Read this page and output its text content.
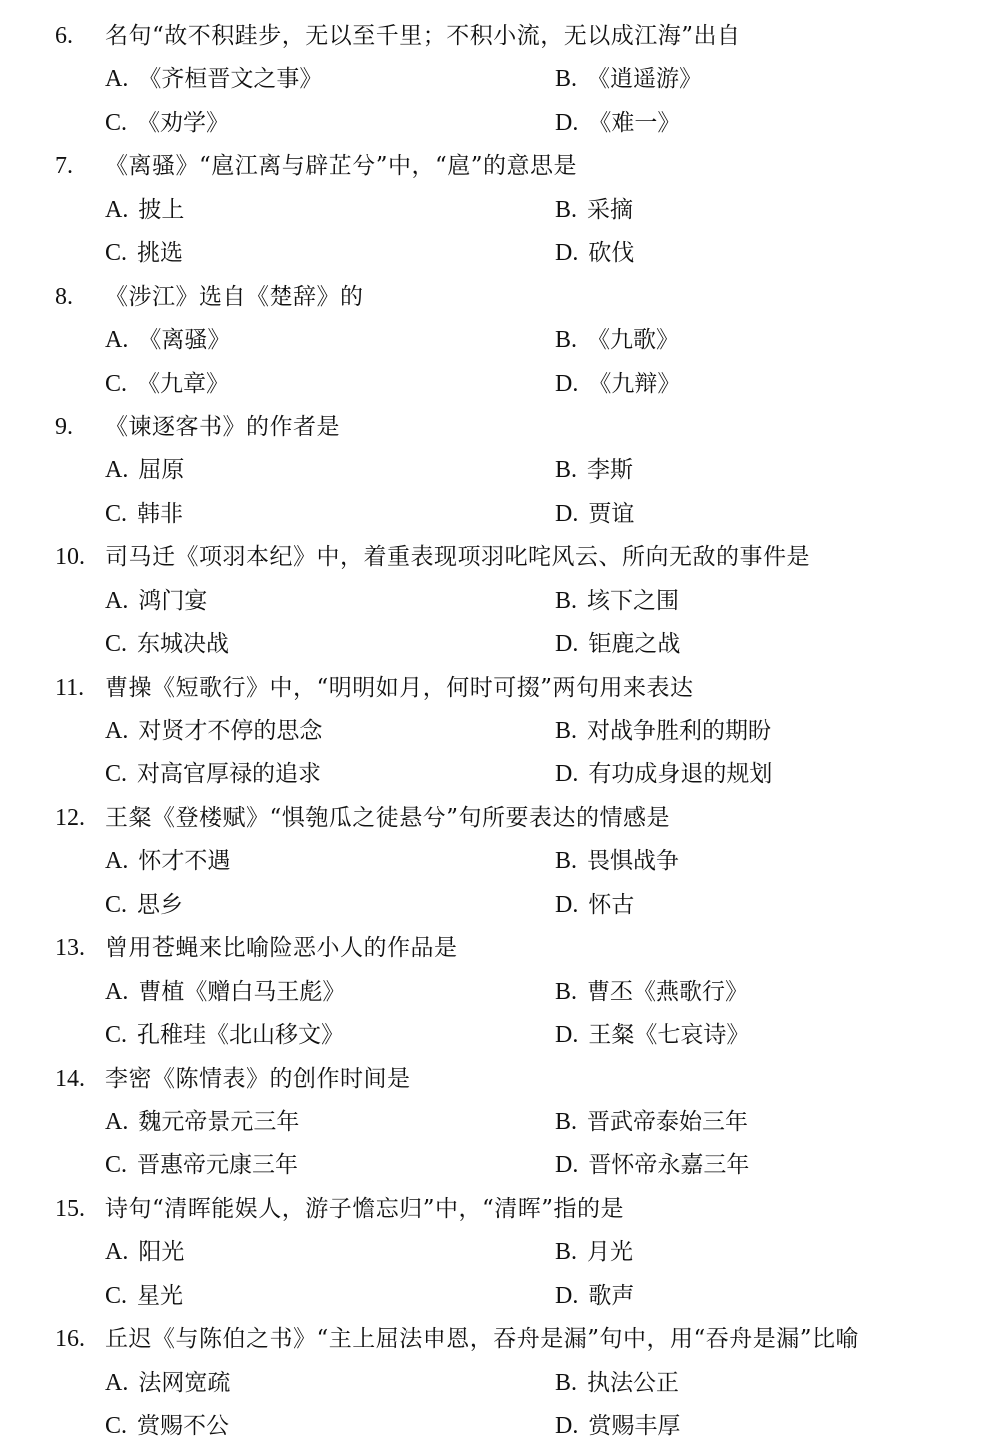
6. 名句“故不积跬步，无以至千里；不积小流，无以成江海”出自
A. 《齐桓晋文之事》	B. 《逍遥游》
C. 《劝学》	D. 《难一》
7. 《离骚》“扈江离与辟芷兮”中，“扈”的意思是
A. 披上	B. 采摘
C. 挑选	D. 砍伐
8. 《涉江》选自《楚辞》的
A. 《离骚》	B. 《九歌》
C. 《九章》	D. 《九辩》
9. 《谏逐客书》的作者是
A. 屈原	B. 李斯
C. 韩非	D. 贾谊
10. 司马迁《项羽本纪》中，着重表现项羽叱咤风云、所向无敌的事件是
A. 鸿门宴	B. 垓下之围
C. 东城决战	D. 钜鹿之战
11. 曹操《短歌行》中，“明明如月，何时可掇”两句用来表达
A. 对贤才不停的思念	B. 对战争胜利的期盼
C. 对高官厚禄的追求	D. 有功成身退的规划
12. 王粲《登楼赋》“惧匏瓜之徒悬兮”句所要表达的情感是
A. 怀才不遇	B. 畏惧战争
C. 思乡	D. 怀古
13. 曾用苍蝇来比喻险恶小人的作品是
A. 曹植《赠白马王彪》	B. 曹丕《燕歌行》
C. 孔稚珪《北山移文》	D. 王粲《七哀诗》
14. 李密《陈情表》的创作时间是
A. 魏元帝景元三年	B. 晋武帝泰始三年
C. 晋惠帝元康三年	D. 晋怀帝永嘉三年
15. 诗句“清晖能娱人，游子憺忘归”中，“清晖”指的是
A. 阳光	B. 月光
C. 星光	D. 歌声
16. 丘迟《与陈伯之书》“主上屈法申恩，吞舟是漏”句中，用“吞舟是漏”比喻
A. 法网宽疏	B. 执法公正
C. 赏赐不公	D. 赏赐丰厚
